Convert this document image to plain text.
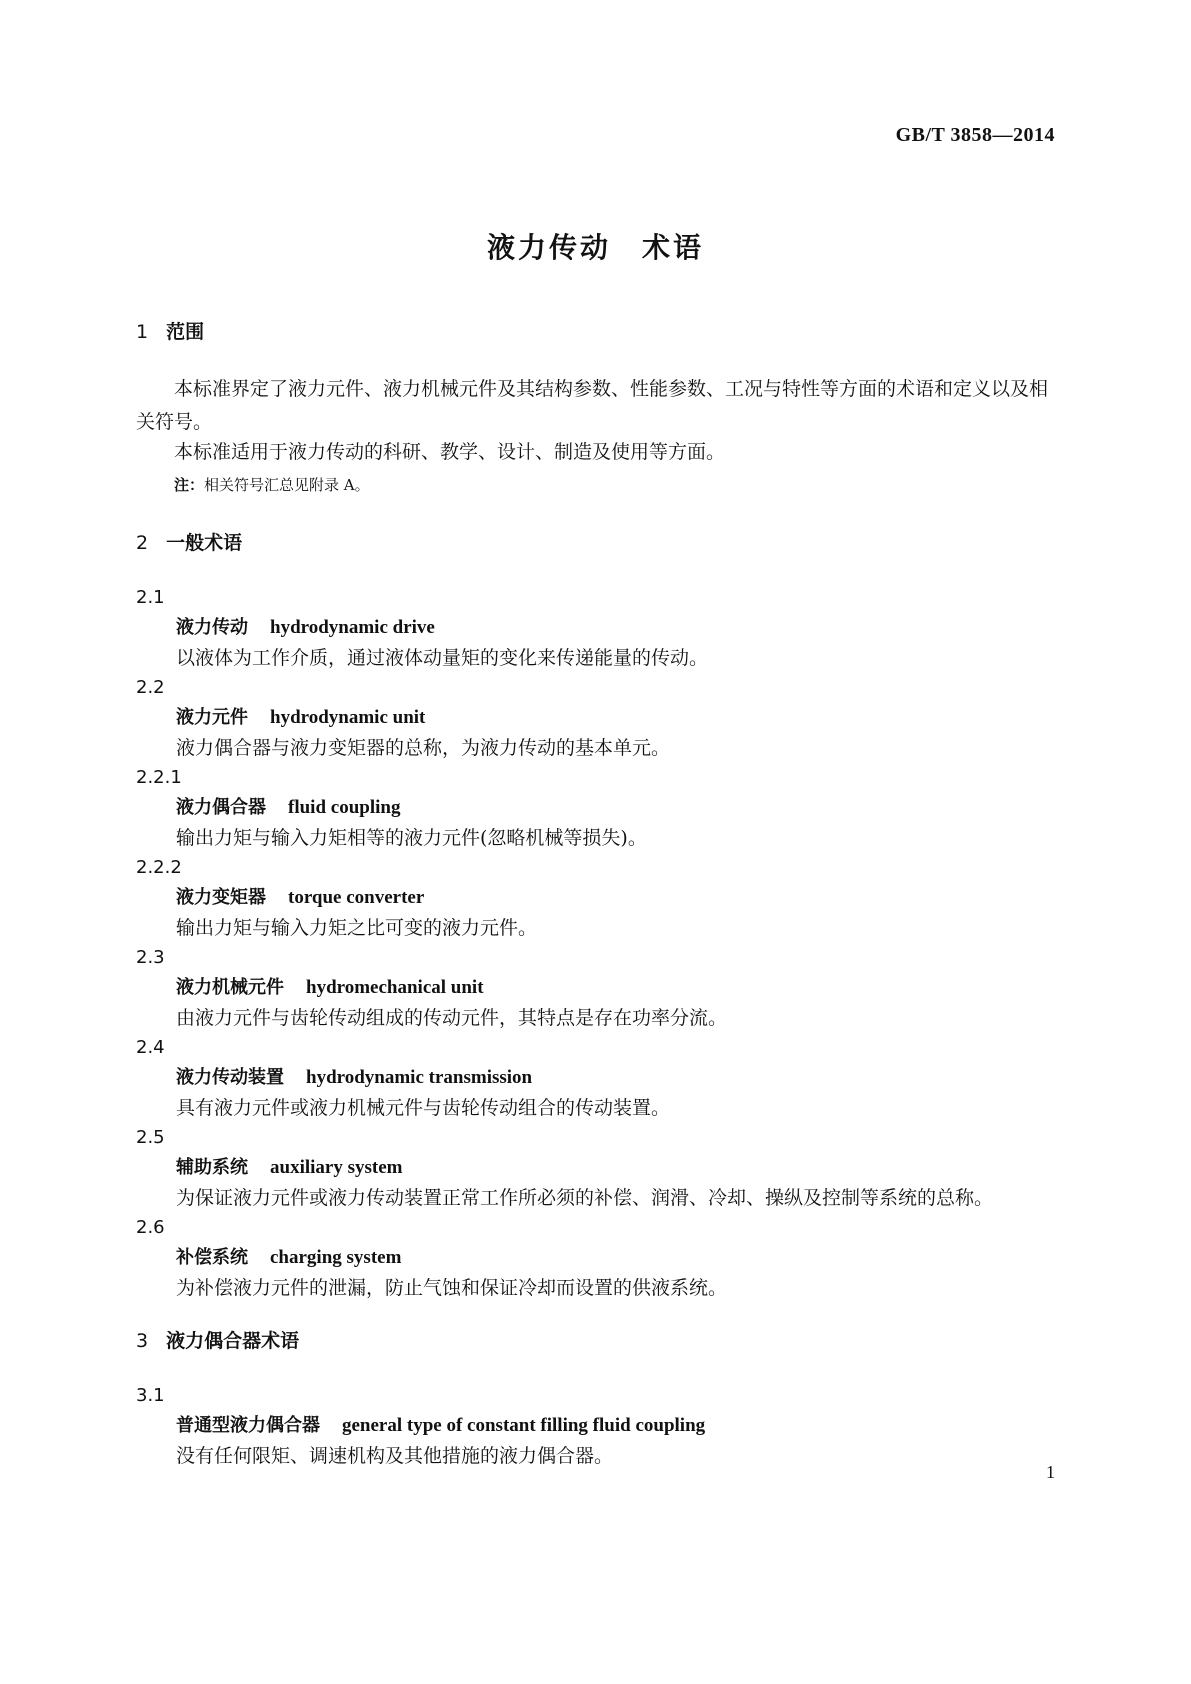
GB/T 3858—2014
液力传动　术语
1 范围

本标准界定了液力元件、液力机械元件及其结构参数、性能参数、工况与特性等方面的术语和定义以及相关符号。

本标准适用于液力传动的科研、教学、设计、制造及使用等方面。

注：相关符号汇总见附录 A。
2 一般术语
2.1
液力传动 hydrodynamic drive
以液体为工作介质，通过液体动量矩的变化来传递能量的传动。
2.2
液力元件 hydrodynamic unit
液力偶合器与液力变矩器的总称，为液力传动的基本单元。
2.2.1
液力偶合器 fluid coupling
输出力矩与输入力矩相等的液力元件(忽略机械等损失)。
2.2.2
液力变矩器 torque converter
输出力矩与输入力矩之比可变的液力元件。
2.3
液力机械元件 hydromechanical unit
由液力元件与齿轮传动组成的传动元件，其特点是存在功率分流。
2.4
液力传动装置 hydrodynamic transmission
具有液力元件或液力机械元件与齿轮传动组合的传动装置。
2.5
辅助系统 auxiliary system
为保证液力元件或液力传动装置正常工作所必须的补偿、润滑、冷却、操纵及控制等系统的总称。
2.6
补偿系统 charging system
为补偿液力元件的泄漏，防止气蚀和保证冷却而设置的供液系统。
3 液力偶合器术语
3.1
普通型液力偶合器 general type of constant filling fluid coupling
没有任何限矩、调速机构及其他措施的液力偶合器。
1
